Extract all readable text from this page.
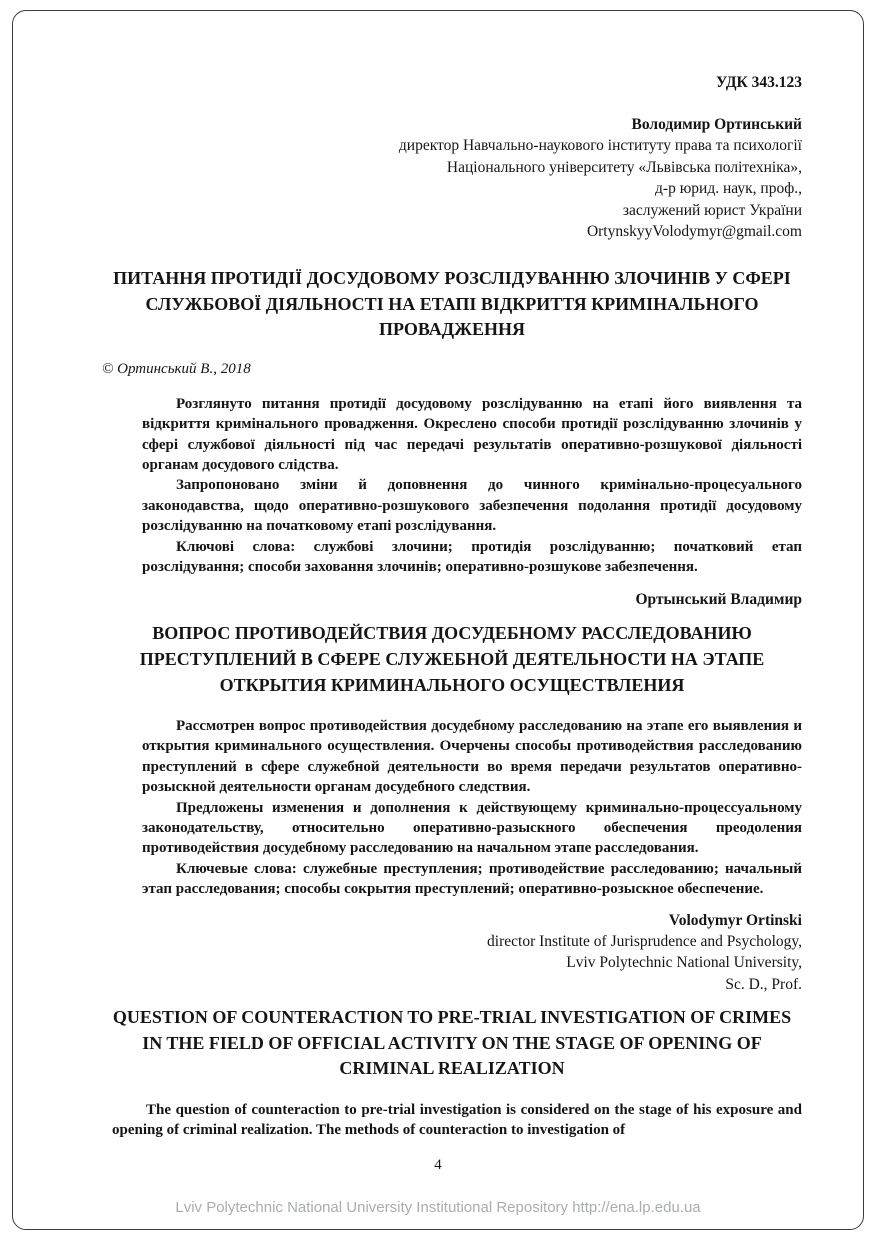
УДК 343.123
Володимир Ортинський
директор Навчально-наукового інституту права та психології
Національного університету «Львівська політехніка»,
д-р юрид. наук, проф.,
заслужений юрист України
OrtynskyyVolodymyr@gmail.com
ПИТАННЯ ПРОТИДІЇ ДОСУДОВОМУ РОЗСЛІДУВАННЮ ЗЛОЧИНІВ У СФЕРІ СЛУЖБОВОЇ ДІЯЛЬНОСТІ НА ЕТАПІ ВІДКРИТТЯ КРИМІНАЛЬНОГО ПРОВАДЖЕННЯ
© Ортинський В., 2018

Розглянуто питання протидії досудовому розслідуванню на етапі його виявлення та відкриття кримінального провадження. Окреслено способи протидії розслідуванню злочинів у сфері службової діяльності під час передачі результатів оперативно-розшукової діяльності органам досудового слідства.

Запропоновано зміни й доповнення до чинного кримінально-процесуального законодавства, щодо оперативно-розшукового забезпечення подолання протидії досудовому розслідуванню на початковому етапі розслідування.

Ключові слова: службові злочини; протидія розслідуванню; початковий етап розслідування; способи заховання злочинів; оперативно-розшукове забезпечення.

Ортынський Владимир
ВОПРОС ПРОТИВОДЕЙСТВИЯ ДОСУДЕБНОМУ РАССЛЕДОВАНИЮ ПРЕСТУПЛЕНИЙ В СФЕРЕ СЛУЖЕБНОЙ ДЕЯТЕЛЬНОСТИ НА ЭТАПЕ ОТКРЫТИЯ КРИМИНАЛЬНОГО ОСУЩЕСТВЛЕНИЯ

Рассмотрен вопрос противодействия досудебному расследованию на этапе его выявления и открытия криминального осуществления. Очерчены способы противодействия расследованию преступлений в сфере служебной деятельности во время передачи результатов оперативно-розыскной деятельности органам досудебного следствия.

Предложены изменения и дополнения к действующему криминально-процессуальному законодательству, относительно оперативно-разыскного обеспечения преодоления противодействия досудебному расследованию на начальном этапе расследования.

Ключевые слова: служебные преступления; противодействие расследованию; начальный этап расследования; способы сокрытия преступлений; оперативно-розыскное обеспечение.

Volodymyr Ortinski
director Institute of Jurisprudence and Psychology,
Lviv Polytechnic National University,
Sc. D., Prof.
QUESTION OF COUNTERACTION TO PRE-TRIAL INVESTIGATION OF CRIMES IN THE FIELD OF OFFICIAL ACTIVITY ON THE STAGE OF OPENING OF CRIMINAL REALIZATION

The question of counteraction to pre-trial investigation is considered on the stage of his exposure and opening of criminal realization. The methods of counteraction to investigation of

4
Lviv Polytechnic National University Institutional Repository http://ena.lp.edu.ua
